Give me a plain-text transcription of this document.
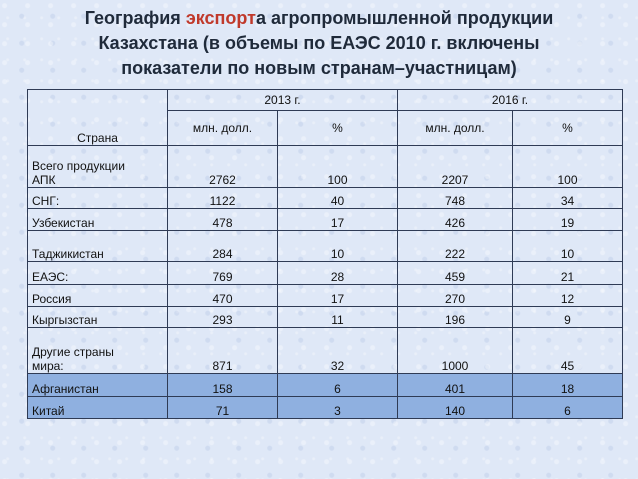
География экспорта агропромышленной продукции
Казахстана (в объемы по ЕАЭС 2010 г. включены
показатели по новым странам–участницам)
Страна	2013 г.		2016 г.	
	млн. долл.	%	млн. долл.	%

Всего продукции
АПК	2762	100	2207	100
СНГ:	1122	40	748	34
Узбекистан	478	17	426	19
Таджикистан	284	10	222	10
ЕАЭС:	769	28	459	21
Россия	470	17	270	12
Кыргызстан	293	11	196	9

Другие страны
мира:	871	32	1000	45
Афганистан	158	6	401	18
Китай	71	3	140	6
